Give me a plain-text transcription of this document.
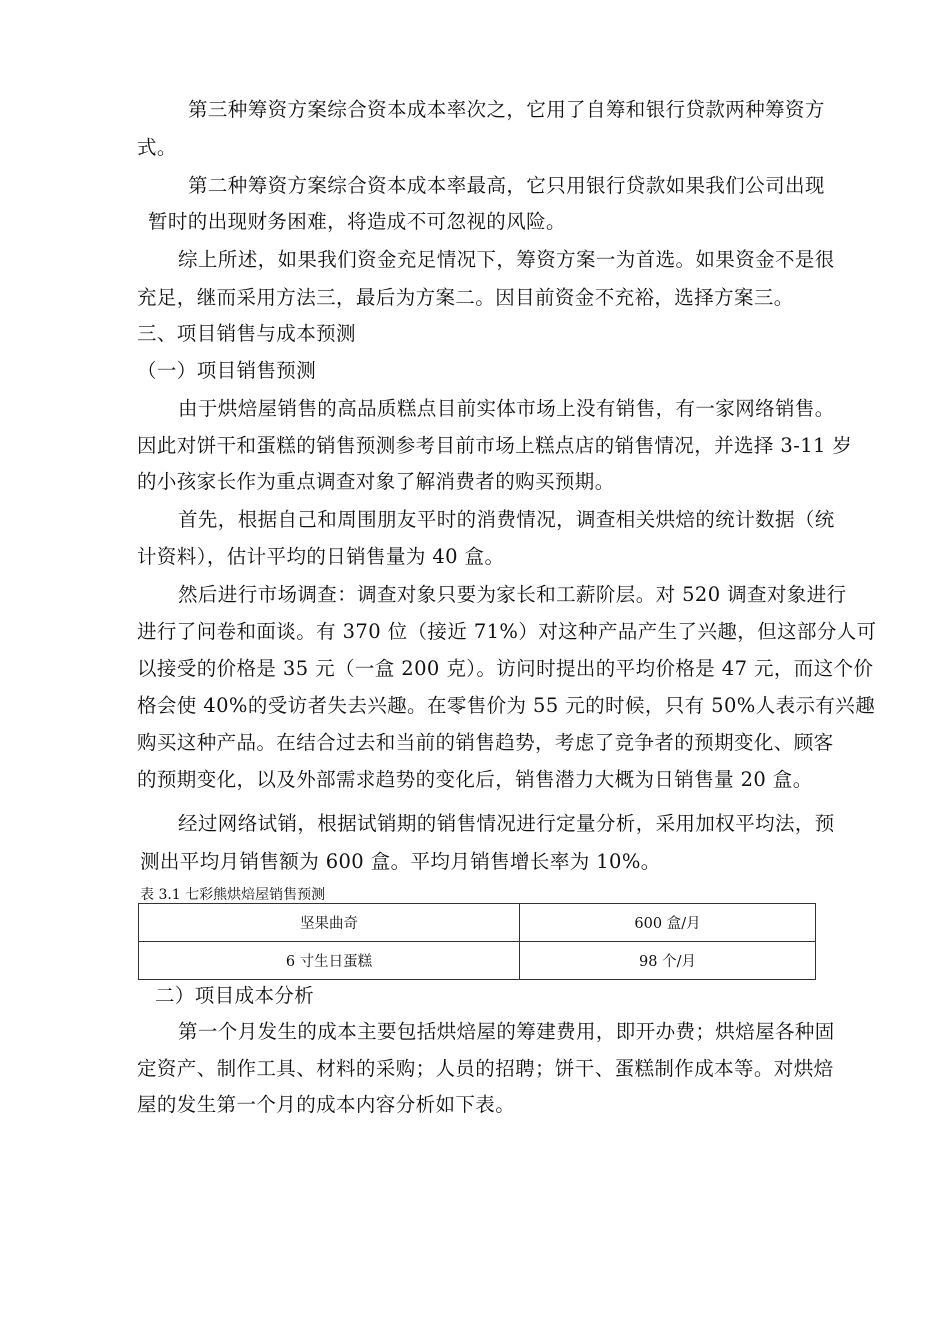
第三种筹资方案综合资本成本率次之，它用了自筹和银行贷款两种筹资方
式。
第二种筹资方案综合资本成本率最高，它只用银行贷款如果我们公司出现
暂时的出现财务困难，将造成不可忽视的风险。
综上所述，如果我们资金充足情况下，筹资方案一为首选。如果资金不是很
充足，继而采用方法三，最后为方案二。因目前资金不充裕，选择方案三。
三、项目销售与成本预测
（一）项目销售预测
由于烘焙屋销售的高品质糕点目前实体市场上没有销售，有一家网络销售。
因此对饼干和蛋糕的销售预测参考目前市场上糕点店的销售情况，并选择 3-11 岁
的小孩家长作为重点调查对象了解消费者的购买预期。
首先，根据自己和周围朋友平时的消费情况，调查相关烘焙的统计数据（统
计资料），估计平均的日销售量为 40 盒。
然后进行市场调查：调查对象只要为家长和工薪阶层。对 520 调查对象进行
进行了问卷和面谈。有 370 位（接近 71%）对这种产品产生了兴趣，但这部分人可
以接受的价格是 35 元（一盒 200 克）。访问时提出的平均价格是 47 元，而这个价
格会使 40%的受访者失去兴趣。在零售价为 55 元的时候，只有 50%人表示有兴趣
购买这种产品。在结合过去和当前的销售趋势，考虑了竞争者的预期变化、顾客
的预期变化，以及外部需求趋势的变化后，销售潜力大概为日销售量 20 盒。
经过网络试销，根据试销期的销售情况进行定量分析，采用加权平均法，预
测出平均月销售额为 600 盒。平均月销售增长率为 10%。
表 3.1 七彩熊烘焙屋销售预测
坚果曲奇	600 盒/月
6 寸生日蛋糕	98 个/月
二）项目成本分析
第一个月发生的成本主要包括烘焙屋的筹建费用，即开办费；烘焙屋各种固
定资产、制作工具、材料的采购；人员的招聘；饼干、蛋糕制作成本等。对烘焙
屋的发生第一个月的成本内容分析如下表。
